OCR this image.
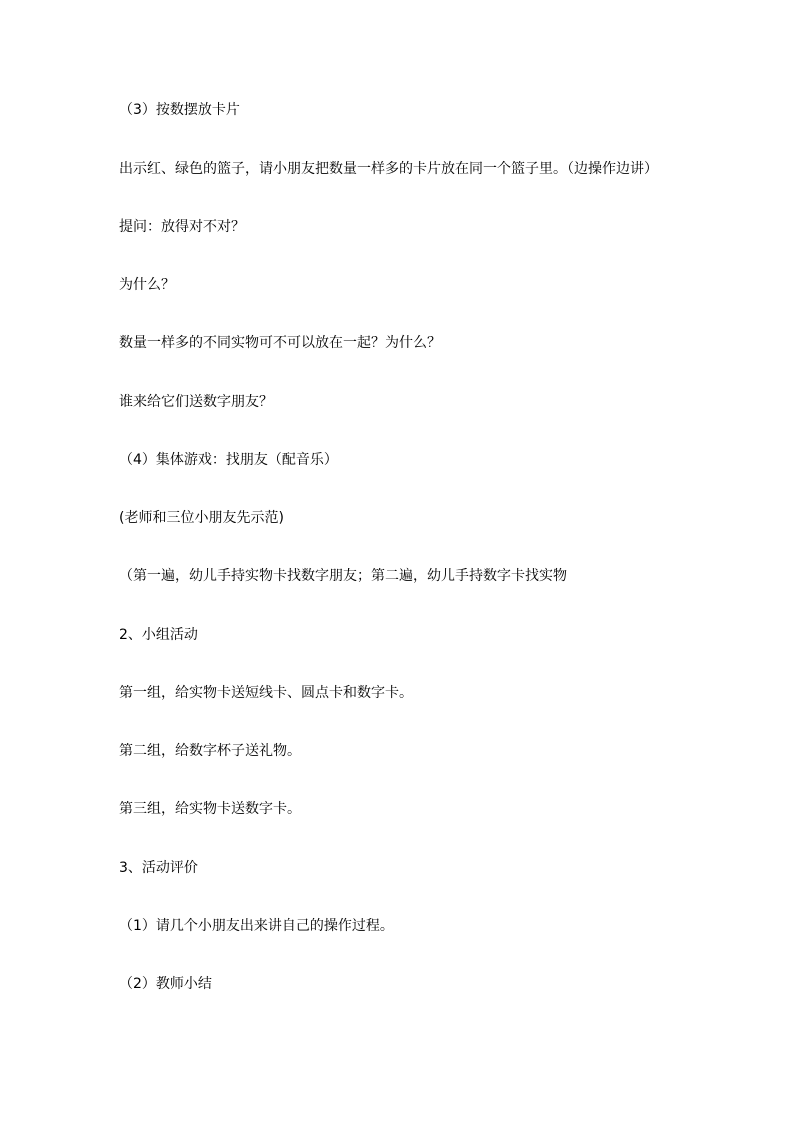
（3）按数摆放卡片

出示红、绿色的篮子，请小朋友把数量一样多的卡片放在同一个篮子里。（边操作边讲）

提问：放得对不对？

为什么？

数量一样多的不同实物可不可以放在一起？为什么？

谁来给它们送数字朋友？

（4）集体游戏：找朋友（配音乐）

(老师和三位小朋友先示范)

（第一遍，幼儿手持实物卡找数字朋友；第二遍，幼儿手持数字卡找实物

2、小组活动

第一组，给实物卡送短线卡、圆点卡和数字卡。

第二组，给数字杯子送礼物。

第三组，给实物卡送数字卡。

3、活动评价

（1）请几个小朋友出来讲自己的操作过程。

（2）教师小结
